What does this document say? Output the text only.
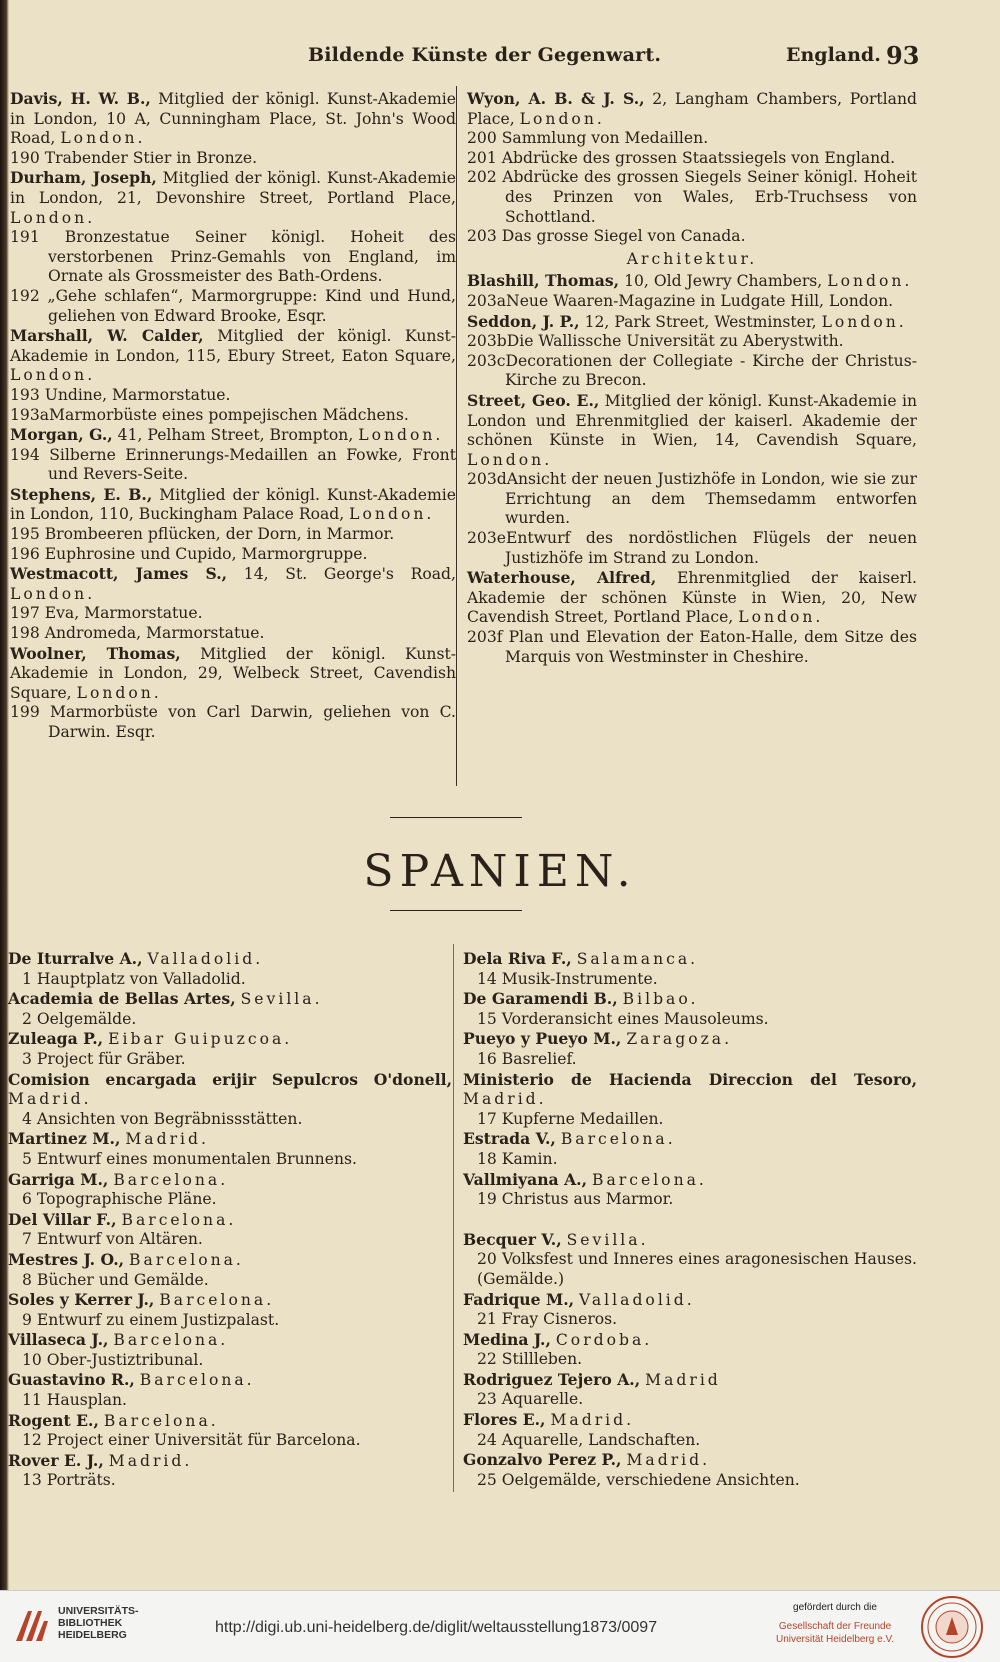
Bildende Künste der Gegenwart.	England. 93

Davis, H. W. B., Mitglied der königl. Kunst-Akademie in London, 10 A, Cunningham Place, St. John's Wood Road, London.

190 Trabender Stier in Bronze.

Durham, Joseph, Mitglied der königl. Kunst-Akademie in London, 21, Devonshire Street, Portland Place, London.

191 Bronzestatue Seiner königl. Hoheit des verstorbenen Prinz-Gemahls von England, im Ornate als Grossmeister des Bath-Ordens.

192 „Gehe schlafen“, Marmorgruppe: Kind und Hund, geliehen von Edward Brooke, Esqr.

Marshall, W. Calder, Mitglied der königl. Kunst-Akademie in London, 115, Ebury Street, Eaton Square, London.

193 Undine, Marmorstatue.

193aMarmorbüste eines pompejischen Mädchens.

Morgan, G., 41, Pelham Street, Brompton, London.

194 Silberne Erinnerungs-Medaillen an Fowke, Front und Revers-Seite.

Stephens, E. B., Mitglied der königl. Kunst-Akademie in London, 110, Buckingham Palace Road, London.

195 Brombeeren pflücken, der Dorn, in Marmor.

196 Euphrosine und Cupido, Marmorgruppe.

Westmacott, James S., 14, St. George's Road, London.

197 Eva, Marmorstatue.

198 Andromeda, Marmorstatue.

Woolner, Thomas, Mitglied der königl. Kunst-Akademie in London, 29, Welbeck Street, Cavendish Square, London.

199 Marmorbüste von Carl Darwin, geliehen von C. Darwin. Esqr.

Wyon, A. B. & J. S., 2, Langham Chambers, Portland Place, London.

200 Sammlung von Medaillen.

201 Abdrücke des grossen Staatssiegels von England.

202 Abdrücke des grossen Siegels Seiner königl. Hoheit des Prinzen von Wales, Erb-Truchsess von Schottland.

203 Das grosse Siegel von Canada.

Architektur.

Blashill, Thomas, 10, Old Jewry Chambers, London.

203aNeue Waaren-Magazine in Ludgate Hill, London.

Seddon, J. P., 12, Park Street, Westminster, London.

203bDie Wallissche Universität zu Aberystwith.

203cDecorationen der Collegiate - Kirche der Christus-Kirche zu Brecon.

Street, Geo. E., Mitglied der königl. Kunst-Akademie in London und Ehrenmitglied der kaiserl. Akademie der schönen Künste in Wien, 14, Cavendish Square, London.

203dAnsicht der neuen Justizhöfe in London, wie sie zur Errichtung an dem Themsedamm entworfen wurden.

203eEntwurf des nordöstlichen Flügels der neuen Justizhöfe im Strand zu London.

Waterhouse, Alfred, Ehrenmitglied der kaiserl. Akademie der schönen Künste in Wien, 20, New Cavendish Street, Portland Place, London.

203f Plan und Elevation der Eaton-Halle, dem Sitze des Marquis von Westminster in Cheshire.

SPANIEN.

De Iturralve A., Valladolid.

1 Hauptplatz von Valladolid.

Academia de Bellas Artes, Sevilla.

2 Oelgemälde.

Zuleaga P., Eibar Guipuzcoa.

3 Project für Gräber.

Comision encargada erijir Sepulcros O'donell, Madrid.

4 Ansichten von Begräbnissstätten.

Martinez M., Madrid.

5 Entwurf eines monumentalen Brunnens.

Garriga M., Barcelona.

6 Topographische Pläne.

Del Villar F., Barcelona.

7 Entwurf von Altären.

Mestres J. O., Barcelona.

8 Bücher und Gemälde.

Soles y Kerrer J., Barcelona.

9 Entwurf zu einem Justizpalast.

Villaseca J., Barcelona.

10 Ober-Justiztribunal.

Guastavino R., Barcelona.

11 Hausplan.

Rogent E., Barcelona.

12 Project einer Universität für Barcelona.

Rover E. J., Madrid.

13 Porträts.

Dela Riva F., Salamanca.

14 Musik-Instrumente.

De Garamendi B., Bilbao.

15 Vorderansicht eines Mausoleums.

Pueyo y Pueyo M., Zaragoza.

16 Basrelief.

Ministerio de Hacienda Direccion del Tesoro, Madrid.

17 Kupferne Medaillen.

Estrada V., Barcelona.

18 Kamin.

Vallmiyana A., Barcelona.

19 Christus aus Marmor.

Becquer V., Sevilla.

20 Volksfest und Inneres eines aragonesischen Hauses. (Gemälde.)

Fadrique M., Valladolid.

21 Fray Cisneros.

Medina J., Cordoba.

22 Stillleben.

Rodriguez Tejero A., Madrid

23 Aquarelle.

Flores E., Madrid.

24 Aquarelle, Landschaften.

Gonzalvo Perez P., Madrid.

25 Oelgemälde, verschiedene Ansichten.

UNIVERSITÄTS-
BIBLIOTHEK
HEIDELBERG	http://digi.ub.uni-heidelberg.de/diglit/weltausstellung1873/0097
gefördert durch die
Gesellschaft der Freunde
Universität Heidelberg e.V.
